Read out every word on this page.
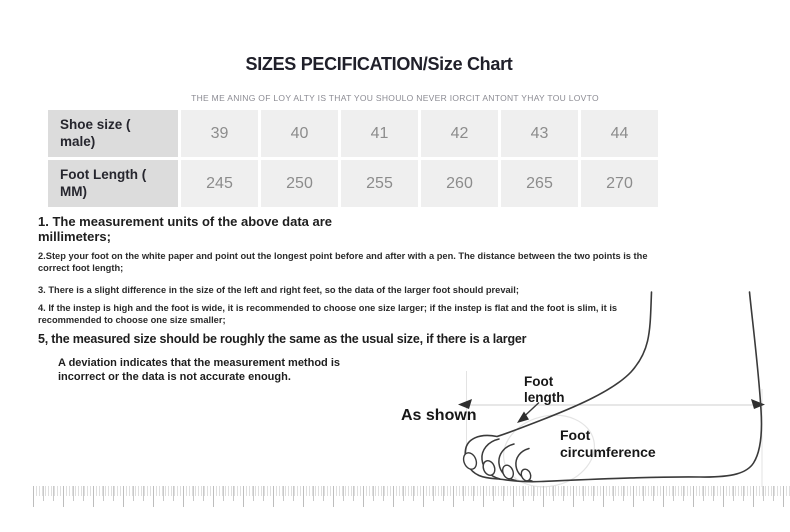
SIZES PECIFICATION/Size Chart
THE ME ANING OF LOY ALTY IS THAT YOU SHOULO NEVER IORCIT ANTONT YHAY TOU LOVTO
Shoe size ( male)	39	40	41	42	43	44
Foot Length ( MM)	245	250	255	260	265	270

1. The measurement units of the above data are millimeters;

2.Step your foot on the white paper and point out the longest point before and after with a pen. The distance between the two points is the correct foot length;

3. There is a slight difference in the size of the left and right feet, so the data of the larger foot should prevail;

4. If the instep is high and the foot is wide, it is recommended to choose one size larger; if the instep is flat and the foot is slim, it is recommended to choose one size smaller;

5, the measured size should be roughly the same as the usual size, if there is a larger

A deviation indicates that the measurement method is incorrect or the data is not accurate enough.

As shown
Foot length
Foot circumference
